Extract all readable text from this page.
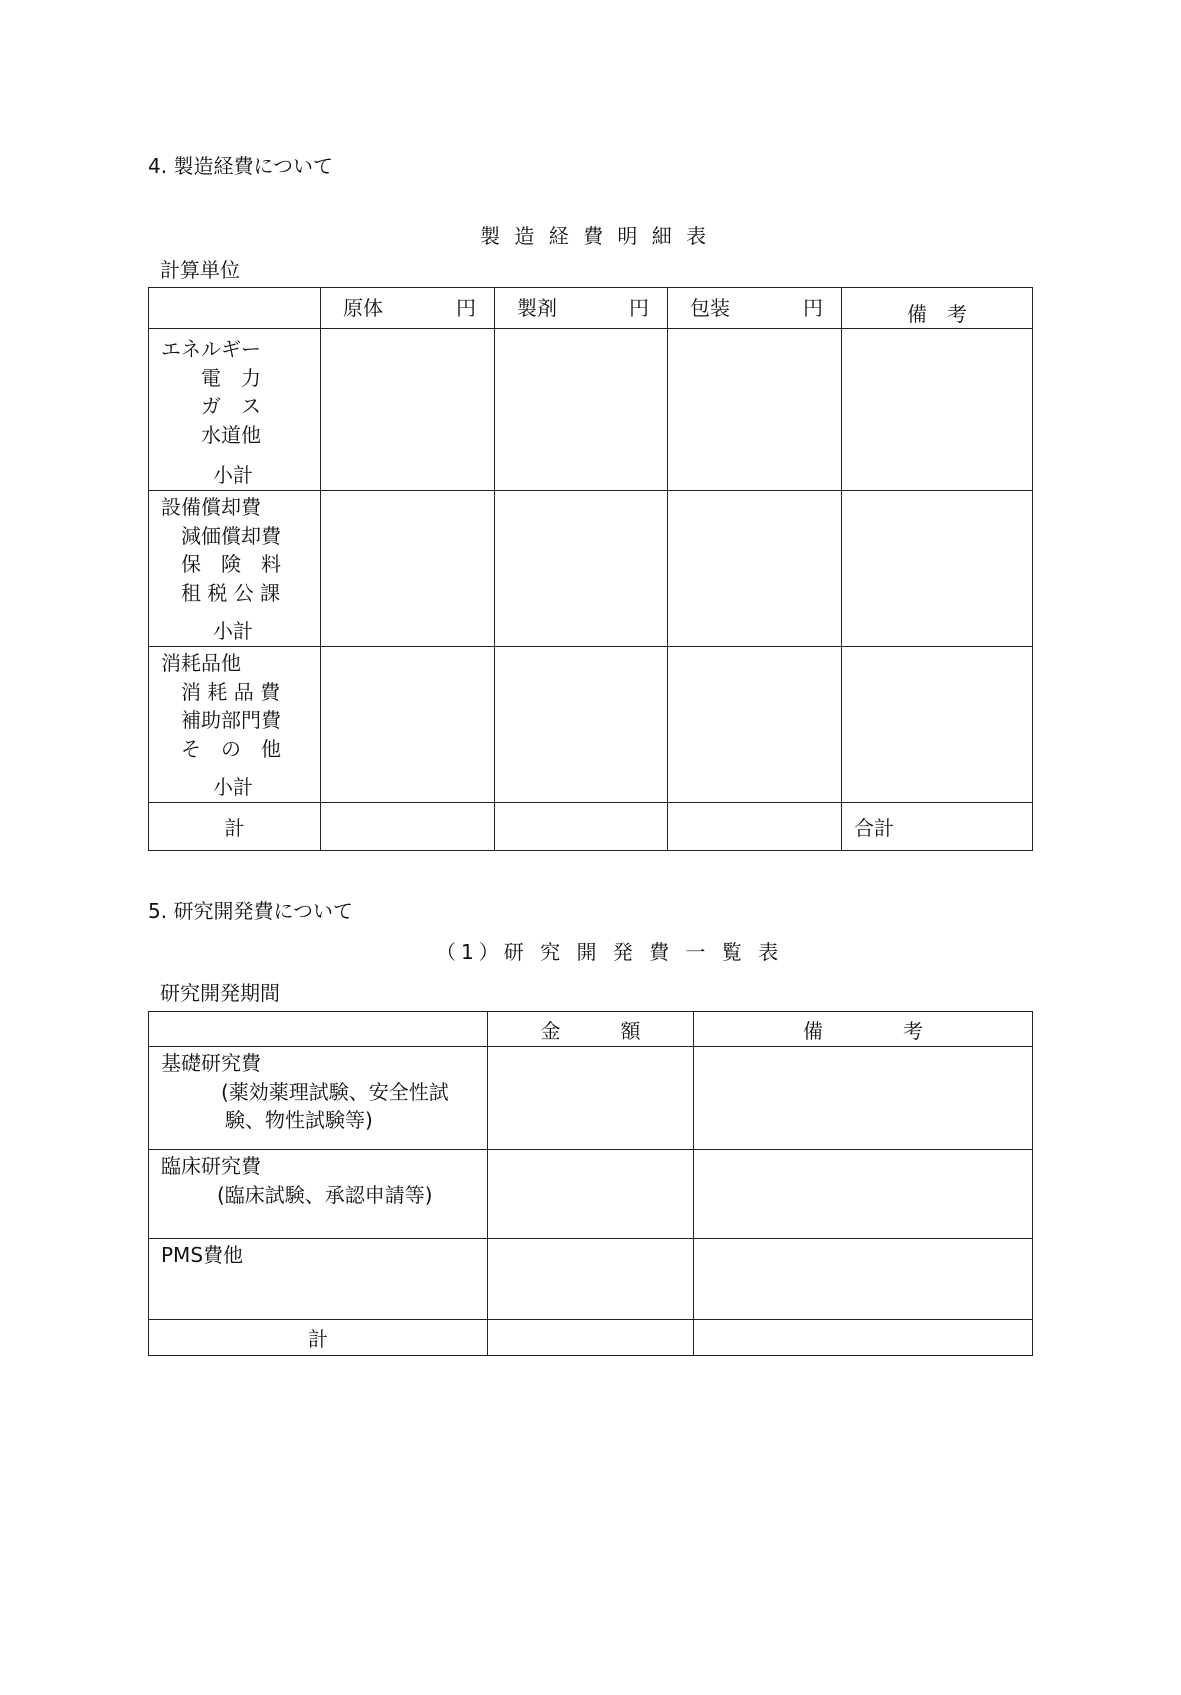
4. 製造経費について
製 造 経 費 明 細 表
計算単位

	原体 円	製剤 円	包装 円	備　考

エネルギー
電　力
ガ　ス
水道他
小計				

設備償却費
減価償却費
保　険　料
租 税 公 課
小計				

消耗品他
消 耗 品 費
補助部門費
そ　の　他
小計				

計				合計
5. 研究開発費について
（1）研 究 開 発 費 一 覧 表
研究開発期間
	金　　　額	備　　　　考

基礎研究費
(薬効薬理試験、安全性試
験、物性試験等)		

臨床研究費
(臨床試験、承認申請等)		

PMS費他		

計		
